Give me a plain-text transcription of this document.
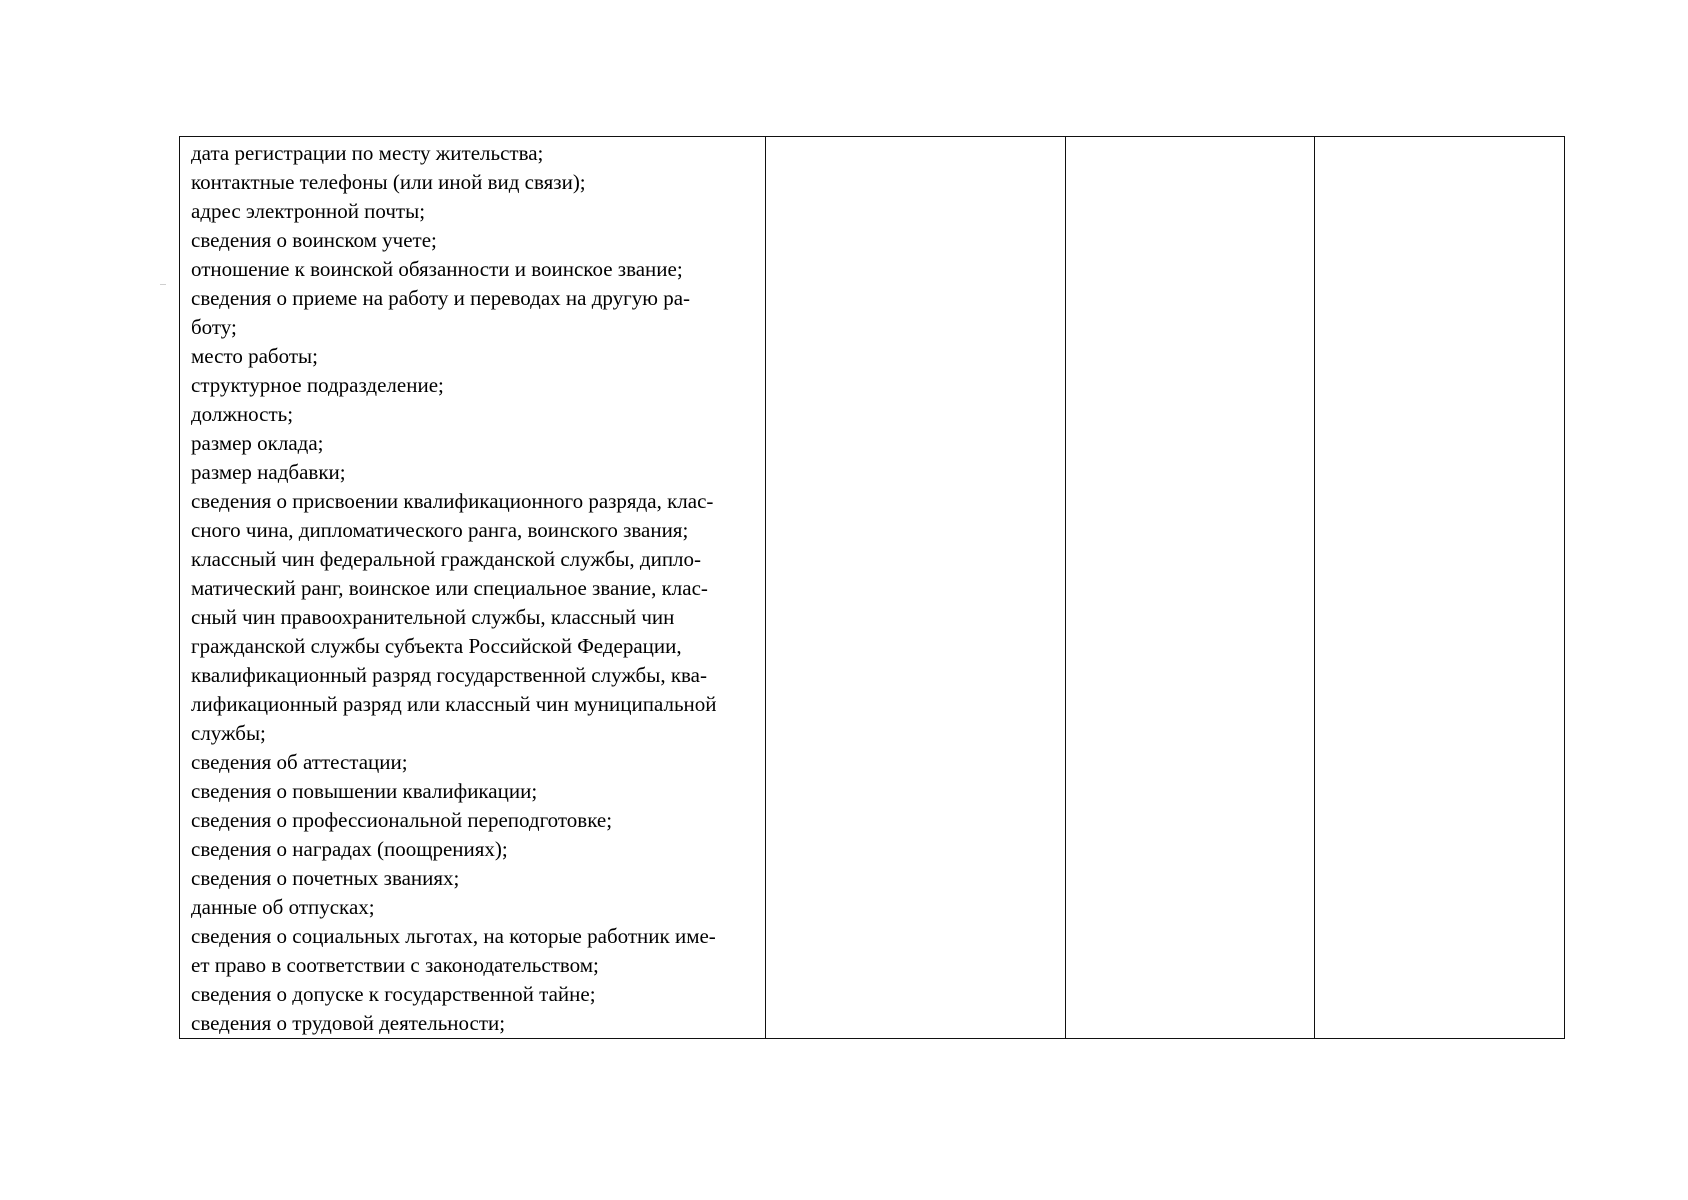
дата регистрации по месту жительства;
контактные телефоны (или иной вид связи);
адрес электронной почты;
сведения о воинском учете;
отношение к воинской обязанности и воинское звание;
сведения о приеме на работу и переводах на другую ра-
боту;
место работы;
структурное подразделение;
должность;
размер оклада;
размер надбавки;
сведения о присвоении квалификационного разряда, клас-
сного чина, дипломатического ранга, воинского звания;
классный чин федеральной гражданской службы, дипло-
матический ранг, воинское или специальное звание, клас-
сный чин правоохранительной службы, классный чин
гражданской службы субъекта Российской Федерации,
квалификационный разряд государственной службы, ква-
лификационный разряд или классный чин муниципальной
службы;
сведения об аттестации;
сведения о повышении квалификации;
сведения о профессиональной переподготовке;
сведения о наградах (поощрениях);
сведения о почетных званиях;
данные об отпусках;
сведения о социальных льготах, на которые работник име-
ет право в соответствии с законодательством;
сведения о допуске к государственной тайне;
сведения о трудовой деятельности;
